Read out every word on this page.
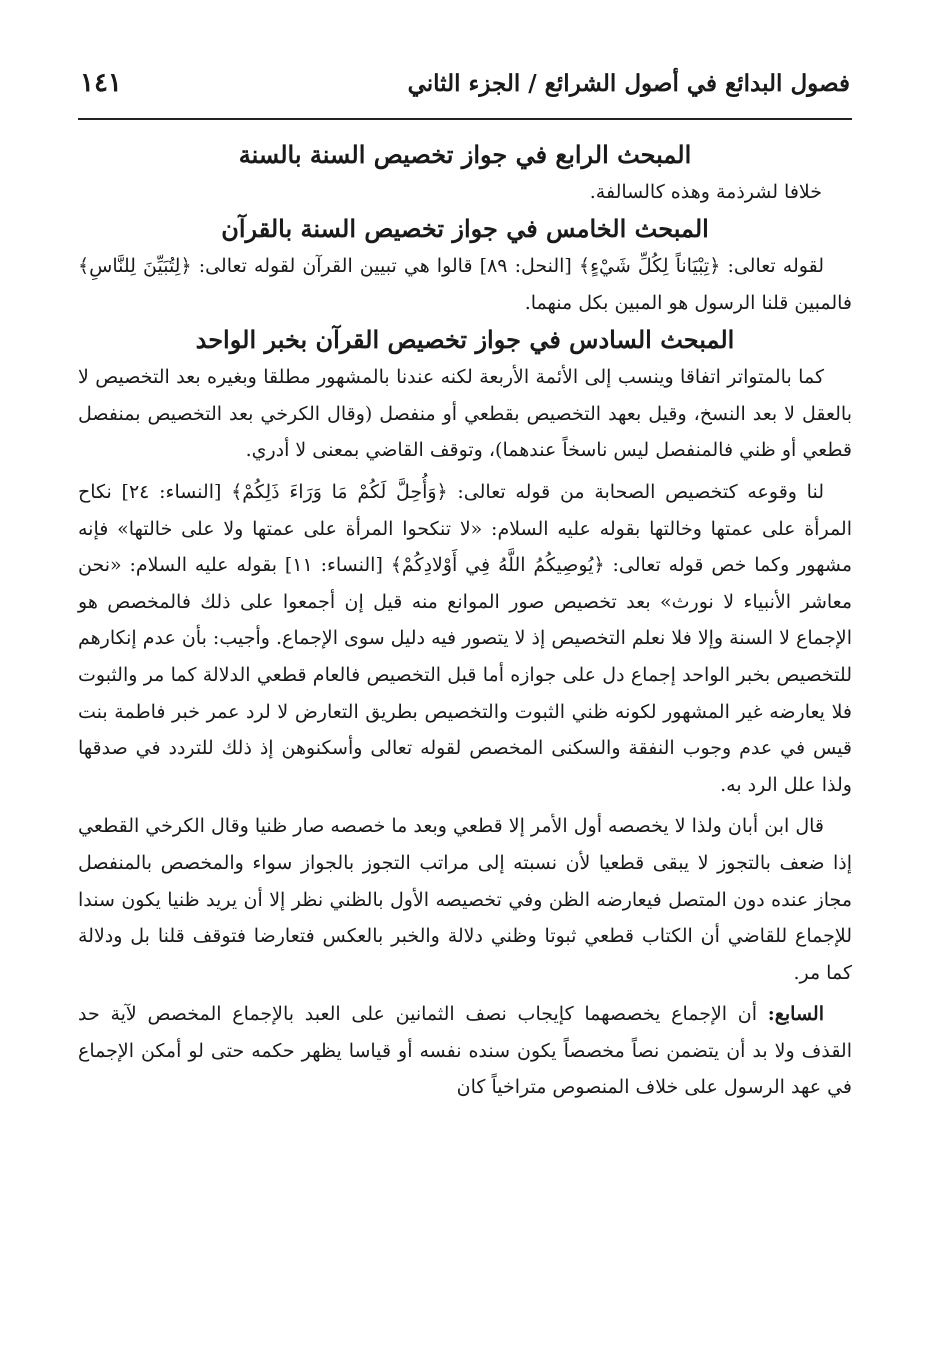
فصول البدائع في أصول الشرائع / الجزء الثاني
١٤١
المبحث الرابع في جواز تخصيص السنة بالسنة

خلافا لشرذمة وهذه كالسالفة.

المبحث الخامس في جواز تخصيص السنة بالقرآن

لقوله تعالى: ﴿تِبْيَاناً لِكُلِّ شَيْءٍ﴾ [النحل: ٨٩] قالوا هي تبيين القرآن لقوله تعالى: ﴿لِتُبَيِّنَ لِلنَّاسِ﴾ فالمبين قلنا الرسول هو المبين بكل منهما.

المبحث السادس في جواز تخصيص القرآن بخبر الواحد

كما بالمتواتر اتفاقا وينسب إلى الأئمة الأربعة لكنه عندنا بالمشهور مطلقا وبغيره بعد التخصيص لا بالعقل لا بعد النسخ، وقيل بعهد التخصيص بقطعي أو منفصل (وقال الكرخي بعد التخصيص بمنفصل قطعي أو ظني فالمنفصل ليس ناسخاً عندهما)، وتوقف القاضي بمعنى لا أدري.

لنا وقوعه كتخصيص الصحابة من قوله تعالى: ﴿وَأُحِلَّ لَكُمْ مَا وَرَاءَ ذَلِكُمْ﴾ [النساء: ٢٤] نكاح المرأة على عمتها وخالتها بقوله عليه السلام: «لا تنكحوا المرأة على عمتها ولا على خالتها» فإنه مشهور وكما خص قوله تعالى: ﴿يُوصِيكُمُ اللَّهُ فِي أَوْلادِكُمْ﴾ [النساء: ١١] بقوله عليه السلام: «نحن معاشر الأنبياء لا نورث» بعد تخصيص صور الموانع منه قيل إن أجمعوا على ذلك فالمخصص هو الإجماع لا السنة وإلا فلا نعلم التخصيص إذ لا يتصور فيه دليل سوى الإجماع. وأجيب: بأن عدم إنكارهم للتخصيص بخبر الواحد إجماع دل على جوازه أما قبل التخصيص فالعام قطعي الدلالة كما مر والثبوت فلا يعارضه غير المشهور لكونه ظني الثبوت والتخصيص بطريق التعارض لا لرد عمر خبر فاطمة بنت قيس في عدم وجوب النفقة والسكنى المخصص لقوله تعالى وأسكنوهن إذ ذلك للتردد في صدقها ولذا علل الرد به.

قال ابن أبان ولذا لا يخصصه أول الأمر إلا قطعي وبعد ما خصصه صار ظنيا وقال الكرخي القطعي إذا ضعف بالتجوز لا يبقى قطعيا لأن نسبته إلى مراتب التجوز بالجواز سواء والمخصص بالمنفصل مجاز عنده دون المتصل فيعارضه الظن وفي تخصيصه الأول بالظني نظر إلا أن يريد ظنيا يكون سندا للإجماع للقاضي أن الكتاب قطعي ثبوتا وظني دلالة والخبر بالعكس فتعارضا فتوقف قلنا بل ودلالة كما مر.

السابع: أن الإجماع يخصصهما كإيجاب نصف الثمانين على العبد بالإجماع المخصص لآية حد القذف ولا بد أن يتضمن نصاً مخصصاً يكون سنده نفسه أو قياسا يظهر حكمه حتى لو أمكن الإجماع في عهد الرسول على خلاف المنصوص متراخياً كان
